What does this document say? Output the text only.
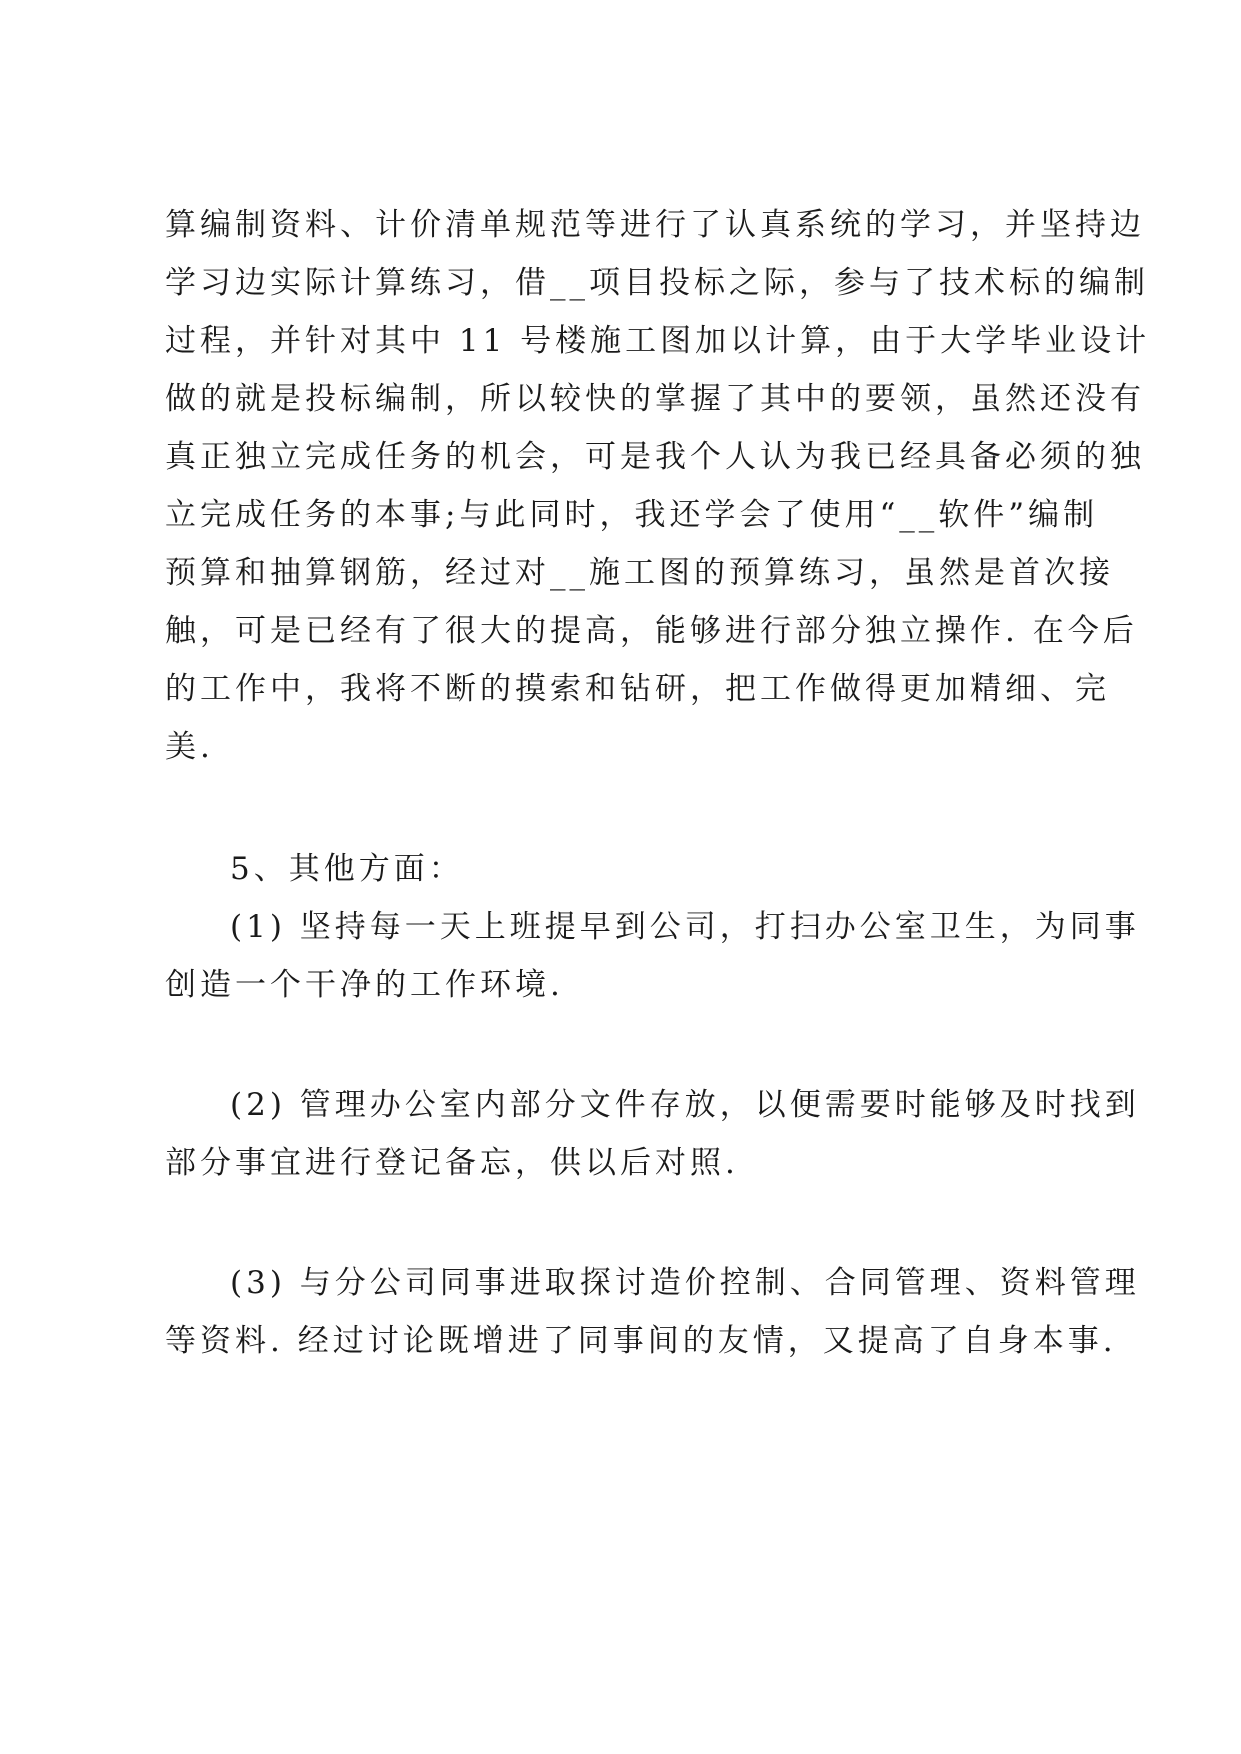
算编制资料、计价清单规范等进行了认真系统的学习，并坚持边
学习边实际计算练习，借__项目投标之际，参与了技术标的编制
过程，并针对其中 11 号楼施工图加以计算，由于大学毕业设计
做的就是投标编制，所以较快的掌握了其中的要领，虽然还没有
真正独立完成任务的机会，可是我个人认为我已经具备必须的独
立完成任务的本事;与此同时，我还学会了使用“__软件”编制
预算和抽算钢筋，经过对__施工图的预算练习，虽然是首次接
触，可是已经有了很大的提高，能够进行部分独立操作. 在今后
的工作中，我将不断的摸索和钻研，把工作做得更加精细、完
美.
5、其他方面：
(1) 坚持每一天上班提早到公司，打扫办公室卫生，为同事
创造一个干净的工作环境.
(2) 管理办公室内部分文件存放，以便需要时能够及时找到
部分事宜进行登记备忘，供以后对照.
(3) 与分公司同事进取探讨造价控制、合同管理、资料管理
等资料. 经过讨论既增进了同事间的友情，又提高了自身本事.
